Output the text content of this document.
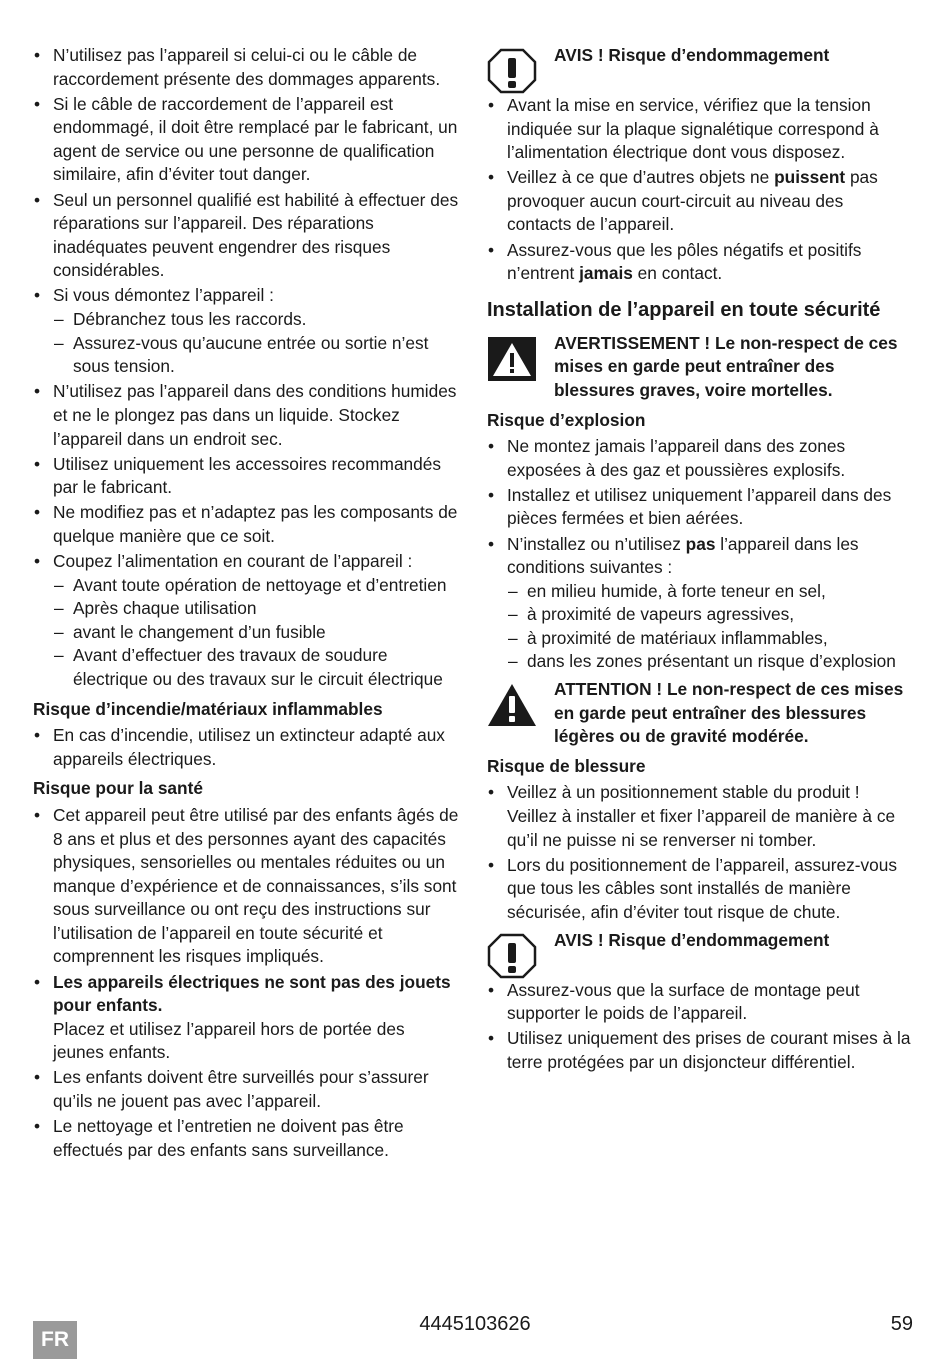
• N’utilisez pas l’appareil si celui-ci ou le câble de raccordement présente des dommages apparents.
• Si le câble de raccordement de l’appareil est endommagé, il doit être remplacé par le fabricant, un agent de service ou une personne de qualification similaire, afin d’éviter tout danger.
• Seul un personnel qualifié est habilité à effectuer des réparations sur l’appareil. Des réparations inadéquates peuvent engendrer des risques considérables.
• Si vous démontez l’appareil :
– Débranchez tous les raccords.
– Assurez-vous qu’aucune entrée ou sortie n’est sous tension.
• N’utilisez pas l’appareil dans des conditions humides et ne le plongez pas dans un liquide. Stockez l’appareil dans un endroit sec.
• Utilisez uniquement les accessoires recommandés par le fabricant.
• Ne modifiez pas et n’adaptez pas les composants de quelque manière que ce soit.
• Coupez l’alimentation en courant de l’appareil :
– Avant toute opération de nettoyage et d’entretien
– Après chaque utilisation
– avant le changement d’un fusible
– Avant d’effectuer des travaux de soudure électrique ou des travaux sur le circuit électrique
Risque d’incendie/matériaux inflammables
• En cas d’incendie, utilisez un extincteur adapté aux appareils électriques.
Risque pour la santé
• Cet appareil peut être utilisé par des enfants âgés de 8 ans et plus et des personnes ayant des capacités physiques, sensorielles ou mentales réduites ou un manque d’expérience et de connaissances, s’ils sont sous surveillance ou ont reçu des instructions sur l’utilisation de l’appareil en toute sécurité et comprennent les risques impliqués.
• Les appareils électriques ne sont pas des jouets pour enfants.
Placez et utilisez l’appareil hors de portée des jeunes enfants.
• Les enfants doivent être surveillés pour s’assurer qu’ils ne jouent pas avec l’appareil.
• Le nettoyage et l’entretien ne doivent pas être effectués par des enfants sans surveillance.
AVIS ! Risque d’endommagement
• Avant la mise en service, vérifiez que la tension indiquée sur la plaque signalétique correspond à l’alimentation électrique dont vous disposez.
• Veillez à ce que d’autres objets ne puissent pas provoquer aucun court-circuit au niveau des contacts de l’appareil.
• Assurez-vous que les pôles négatifs et positifs n’entrent jamais en contact.
Installation de l’appareil en toute sécurité
AVERTISSEMENT ! Le non-respect de ces mises en garde peut entraîner des blessures graves, voire mortelles.
Risque d’explosion
• Ne montez jamais l’appareil dans des zones exposées à des gaz et poussières explosifs.
• Installez et utilisez uniquement l’appareil dans des pièces fermées et bien aérées.
• N’installez ou n’utilisez pas l’appareil dans les conditions suivantes :
– en milieu humide, à forte teneur en sel,
– à proximité de vapeurs agressives,
– à proximité de matériaux inflammables,
– dans les zones présentant un risque d’explosion
ATTENTION ! Le non-respect de ces mises en garde peut entraîner des blessures légères ou de gravité modérée.
Risque de blessure
• Veillez à un positionnement stable du produit ! Veillez à installer et fixer l’appareil de manière à ce qu’il ne puisse ni se renverser ni tomber.
• Lors du positionnement de l’appareil, assurez-vous que tous les câbles sont installés de manière sécurisée, afin d’éviter tout risque de chute.
AVIS ! Risque d’endommagement
• Assurez-vous que la surface de montage peut supporter le poids de l’appareil.
• Utilisez uniquement des prises de courant mises à la terre protégées par un disjoncteur différentiel.
FR
4445103626	59
